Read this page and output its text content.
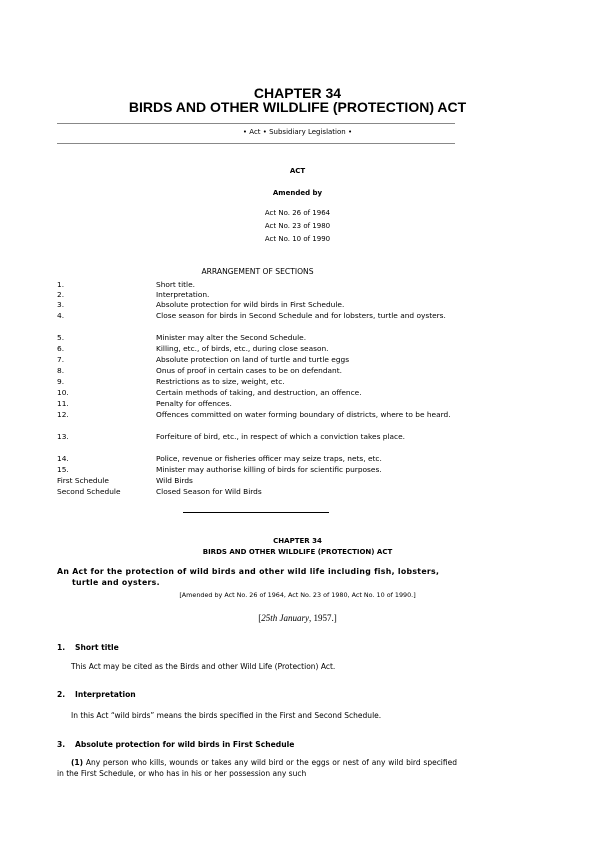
CHAPTER 34
BIRDS AND OTHER WILDLIFE (PROTECTION) ACT
• Act • Subsidiary Legislation •
ACT
Amended by
Act No. 26 of 1964
Act No. 23 of 1980
Act No. 10 of 1990
ARRANGEMENT OF SECTIONS
1.	Short title.
2.	Interpretation.
3.	Absolute protection for wild birds in First Schedule.
4.	Close season for birds in Second Schedule and for lobsters, turtle and oysters.
5.	Minister may alter the Second Schedule.
6.	Killing, etc., of birds, etc., during close season.
7.	Absolute protection on land of turtle and turtle eggs
8.	Onus of proof in certain cases to be on defendant.
9.	Restrictions as to size, weight, etc.
10.	Certain methods of taking, and destruction, an offence.
11.	Penalty for offences.
12.	Offences committed on water forming boundary of districts, where to be heard.
13.	Forfeiture of bird, etc., in respect of which a conviction takes place.
14.	Police, revenue or fisheries officer may seize traps, nets, etc.
15.	Minister may authorise killing of birds for scientific purposes.
First Schedule	Wild Birds
Second Schedule	Closed Season for Wild Birds
CHAPTER 34
BIRDS AND OTHER WILDLIFE (PROTECTION) ACT
An Act for the protection of wild birds and other wild life including fish, lobsters, turtle and oysters.
[Amended by Act No. 26 of 1964, Act No. 23 of 1980, Act No. 10 of 1990.]
[25th January, 1957.]
1. Short title
This Act may be cited as the Birds and other Wild Life (Protection) Act.
2. Interpretation
In this Act “wild birds” means the birds specified in the First and Second Schedule.
3. Absolute protection for wild birds in First Schedule
(1) Any person who kills, wounds or takes any wild bird or the eggs or nest of any wild bird specified in the First Schedule, or who has in his or her possession any such
